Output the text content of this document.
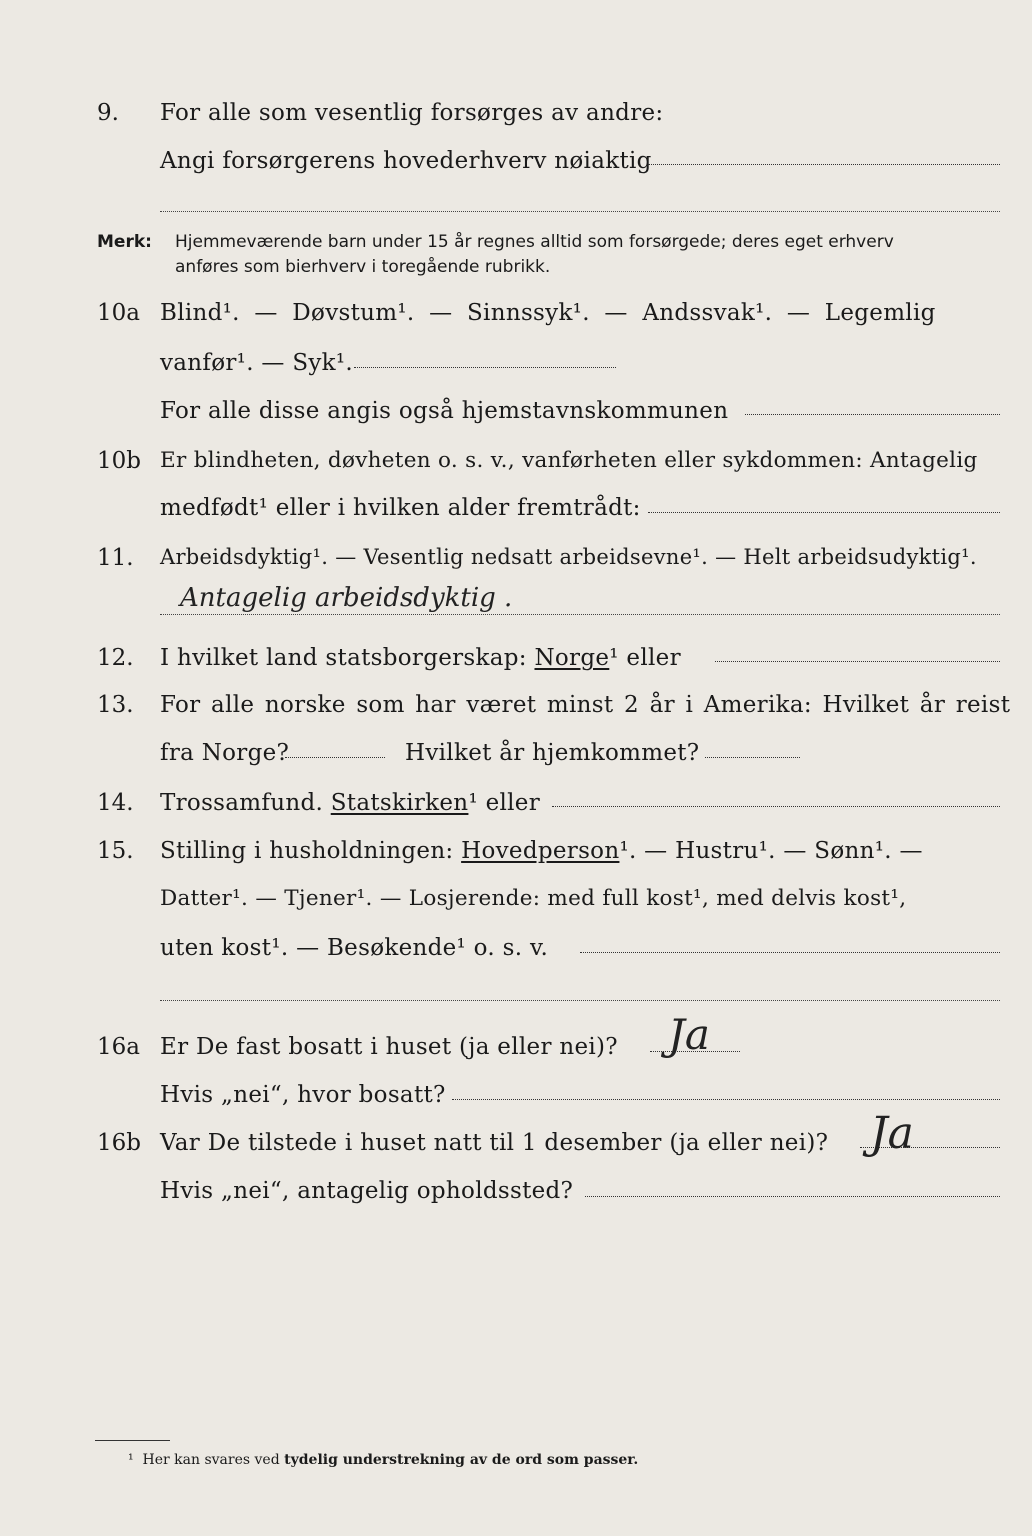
9. For alle som vesentlig forsørges av andre:
Angi forsørgerens hovederhverv nøiaktig
Merk: Hjemmeværende barn under 15 år regnes alltid som forsørgede; deres eget erhverv
anføres som bierhverv i toregående rubrikk.
10a Blind¹. — Døvstum¹. — Sinnssyk¹. — Andssvak¹. — Legemlig
vanfør¹. — Syk¹.
For alle disse angis også hjemstavnskommunen
10b Er blindheten, døvheten o. s. v., vanførheten eller sykdommen: Antagelig
medfødt¹ eller i hvilken alder fremtrådt:
11. Arbeidsdyktig¹. — Vesentlig nedsatt arbeidsevne¹. — Helt arbeidsudyktig¹.
Antagelig arbeidsdyktig .
12. I hvilket land statsborgerskap: Norge¹ eller
13. For alle norske som har været minst 2 år i Amerika: Hvilket år reist
fra Norge?	Hvilket år hjemkommet?
14. Trossamfund. Statskirken¹ eller
15. Stilling i husholdningen: Hovedperson¹. — Hustru¹. — Sønn¹. —
Datter¹. — Tjener¹. — Losjerende: med full kost¹, med delvis kost¹,
uten kost¹. — Besøkende¹ o. s. v.
16a Er De fast bosatt i huset (ja eller nei)? Ja
Hvis „nei“, hvor bosatt?
16b Var De tilstede i huset natt til 1 desember (ja eller nei)? Ja
Hvis „nei“, antagelig opholdssted?
¹ Her kan svares ved tydelig understrekning av de ord som passer.
